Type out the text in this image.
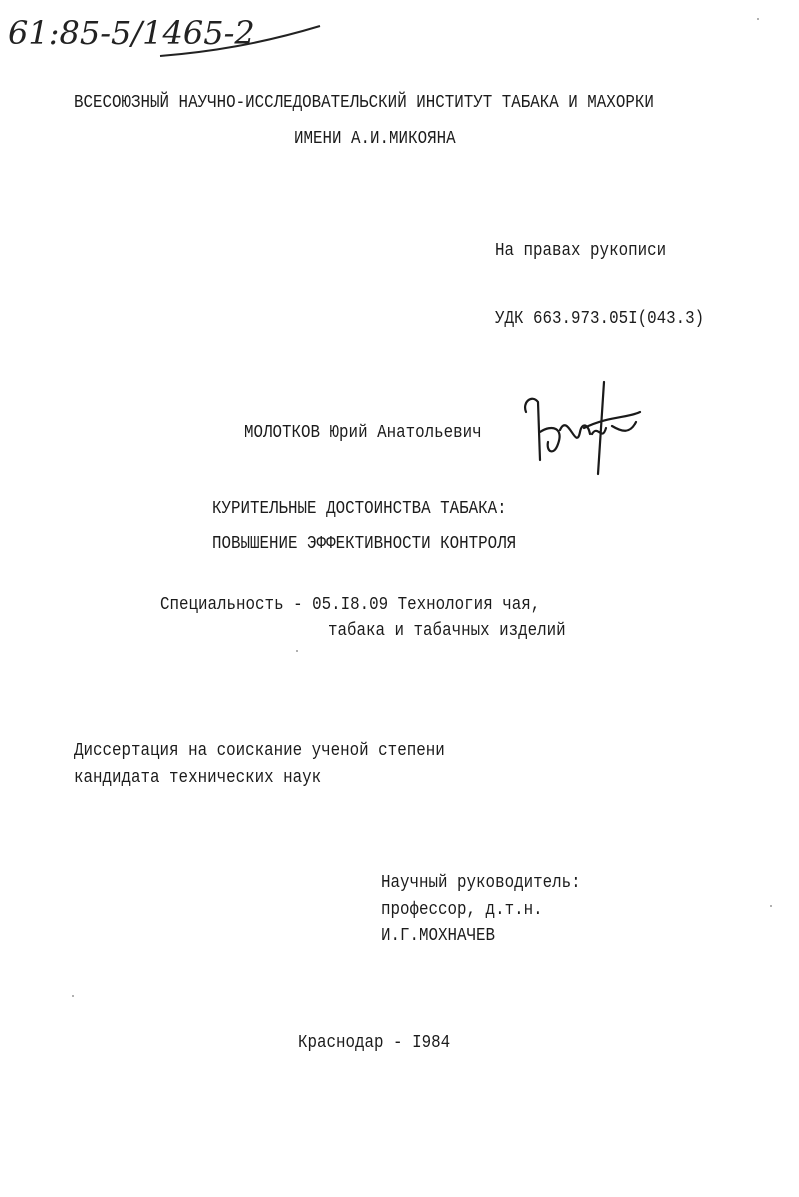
61:85-5/1465-2
ВСЕСОЮЗНЫЙ НАУЧНО-ИССЛЕДОВАТЕЛЬСКИЙ ИНСТИТУТ ТАБАКА И МАХОРКИ
ИМЕНИ А.И.МИКОЯНА
На правах рукописи
УДК 663.973.05I(043.3)
МОЛОТКОВ Юрий Анатольевич
КУРИТЕЛЬНЫЕ ДОСТОИНСТВА ТАБАКА:
ПОВЫШЕНИЕ ЭФФЕКТИВНОСТИ КОНТРОЛЯ
Специальность - 05.I8.09 Технология чая,
табака и табачных изделий
Диссертация на соискание ученой степени
кандидата технических наук
Научный руководитель:
профессор, д.т.н.
И.Г.МОХНАЧЕВ
Краснодар - I984
